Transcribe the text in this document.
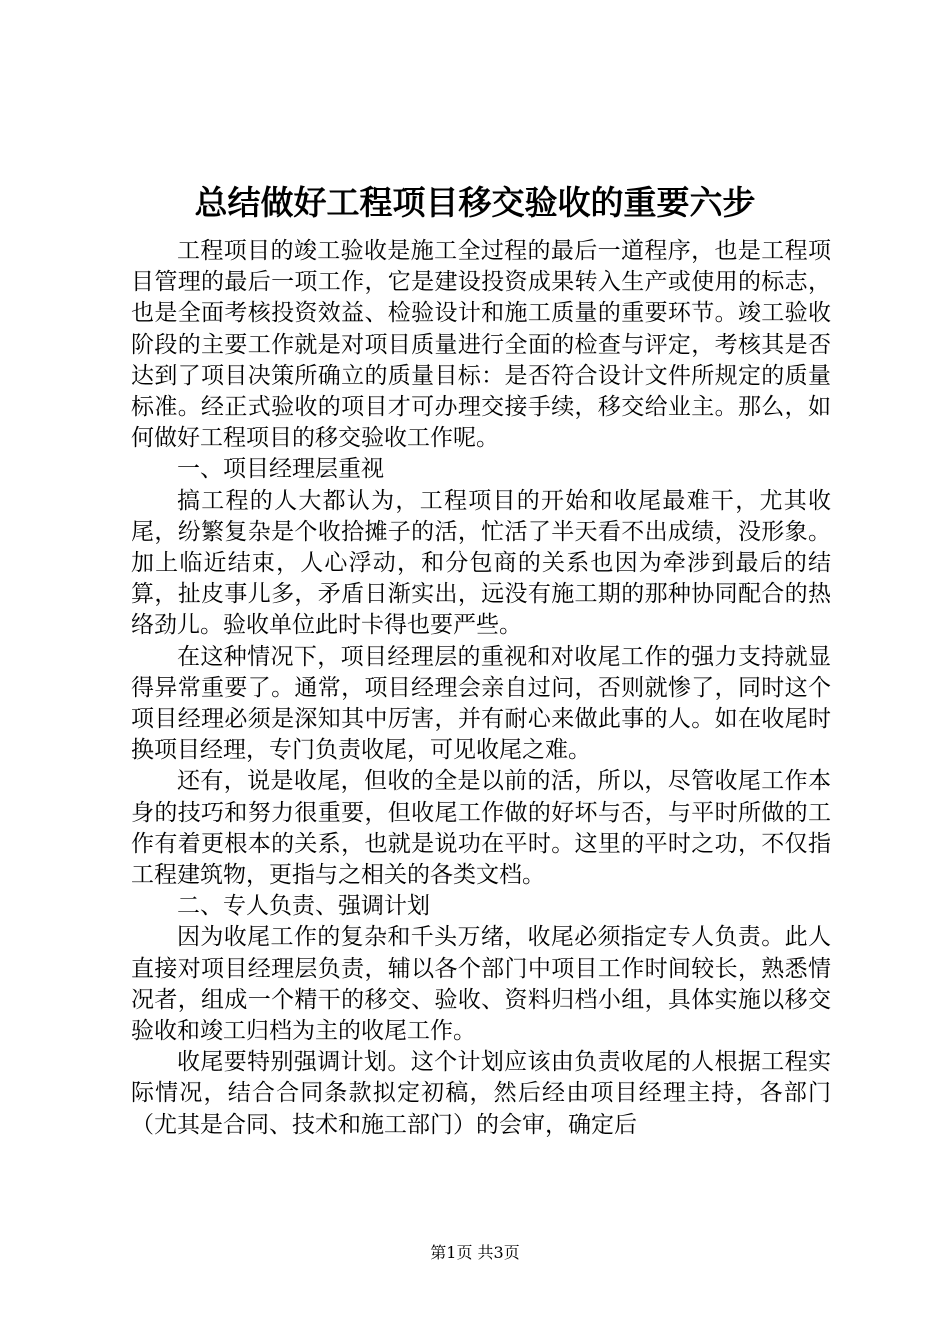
总结做好工程项目移交验收的重要六步

工程项目的竣工验收是施工全过程的最后一道程序，也是工程项目管理的最后一项工作，它是建设投资成果转入生产或使用的标志，也是全面考核投资效益、检验设计和施工质量的重要环节。竣工验收阶段的主要工作就是对项目质量进行全面的检查与评定，考核其是否达到了项目决策所确立的质量目标：是否符合设计文件所规定的质量标准。经正式验收的项目才可办理交接手续，移交给业主。那么，如何做好工程项目的移交验收工作呢。

一、项目经理层重视

搞工程的人大都认为，工程项目的开始和收尾最难干，尤其收尾，纷繁复杂是个收拾摊子的活，忙活了半天看不出成绩，没形象。加上临近结束，人心浮动，和分包商的关系也因为牵涉到最后的结算，扯皮事儿多，矛盾日渐实出，远没有施工期的那种协同配合的热络劲儿。验收单位此时卡得也要严些。

在这种情况下，项目经理层的重视和对收尾工作的强力支持就显得异常重要了。通常，项目经理会亲自过问，否则就惨了，同时这个项目经理必须是深知其中厉害，并有耐心来做此事的人。如在收尾时换项目经理，专门负责收尾，可见收尾之难。

还有，说是收尾，但收的全是以前的活，所以，尽管收尾工作本身的技巧和努力很重要，但收尾工作做的好坏与否，与平时所做的工作有着更根本的关系，也就是说功在平时。这里的平时之功，不仅指工程建筑物，更指与之相关的各类文档。

二、专人负责、强调计划

因为收尾工作的复杂和千头万绪，收尾必须指定专人负责。此人直接对项目经理层负责，辅以各个部门中项目工作时间较长，熟悉情况者，组成一个精干的移交、验收、资料归档小组，具体实施以移交验收和竣工归档为主的收尾工作。

收尾要特别强调计划。这个计划应该由负责收尾的人根据工程实际情况，结合合同条款拟定初稿，然后经由项目经理主持，各部门（尤其是合同、技术和施工部门）的会审，确定后

第1页 共3页
